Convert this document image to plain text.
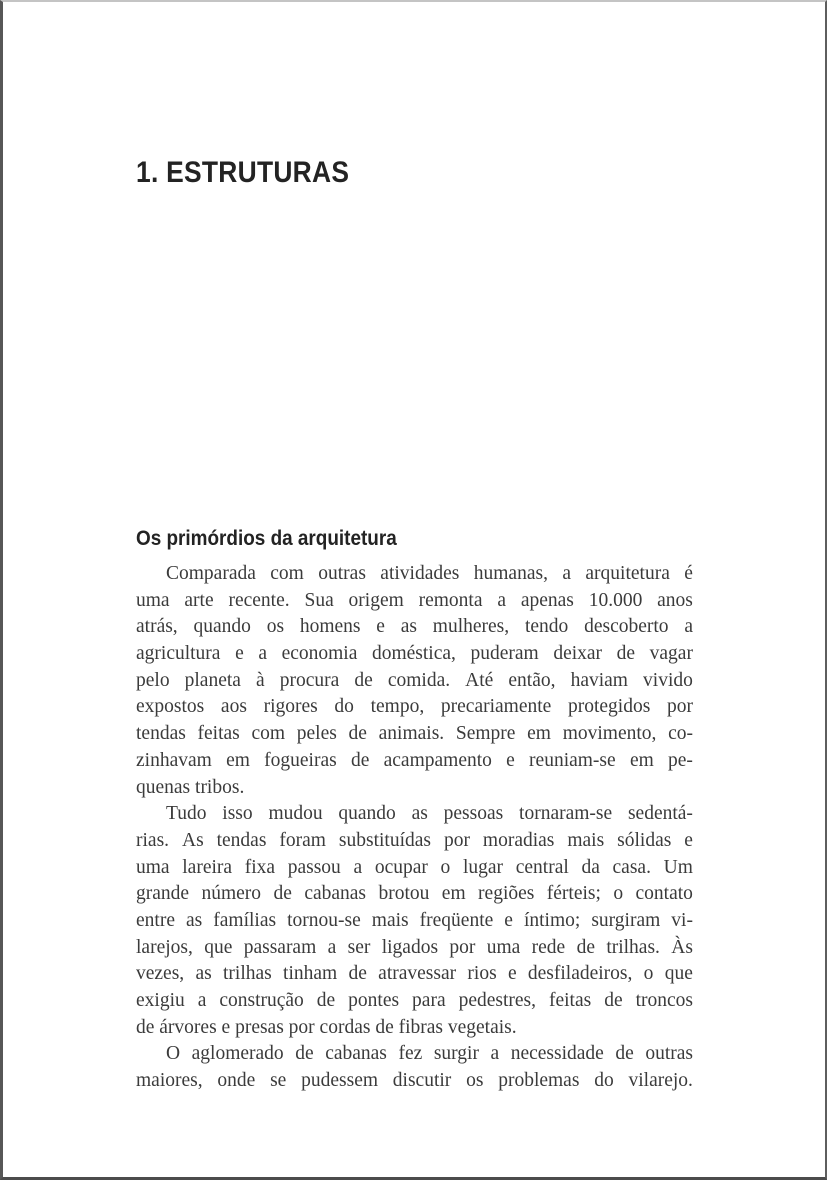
1. ESTRUTURAS
Os primórdios da arquitetura
Comparada com outras atividades humanas, a arquitetura é
uma arte recente. Sua origem remonta a apenas 10.000 anos
atrás, quando os homens e as mulheres, tendo descoberto a
agricultura e a economia doméstica, puderam deixar de vagar
pelo planeta à procura de comida. Até então, haviam vivido
expostos aos rigores do tempo, precariamente protegidos por
tendas feitas com peles de animais. Sempre em movimento, co-
zinhavam em fogueiras de acampamento e reuniam-se em pe-
quenas tribos.
Tudo isso mudou quando as pessoas tornaram-se sedentá-
rias. As tendas foram substituídas por moradias mais sólidas e
uma lareira fixa passou a ocupar o lugar central da casa. Um
grande número de cabanas brotou em regiões férteis; o contato
entre as famílias tornou-se mais freqüente e íntimo; surgiram vi-
larejos, que passaram a ser ligados por uma rede de trilhas. Às
vezes, as trilhas tinham de atravessar rios e desfiladeiros, o que
exigiu a construção de pontes para pedestres, feitas de troncos
de árvores e presas por cordas de fibras vegetais.
O aglomerado de cabanas fez surgir a necessidade de outras
maiores, onde se pudessem discutir os problemas do vilarejo.
